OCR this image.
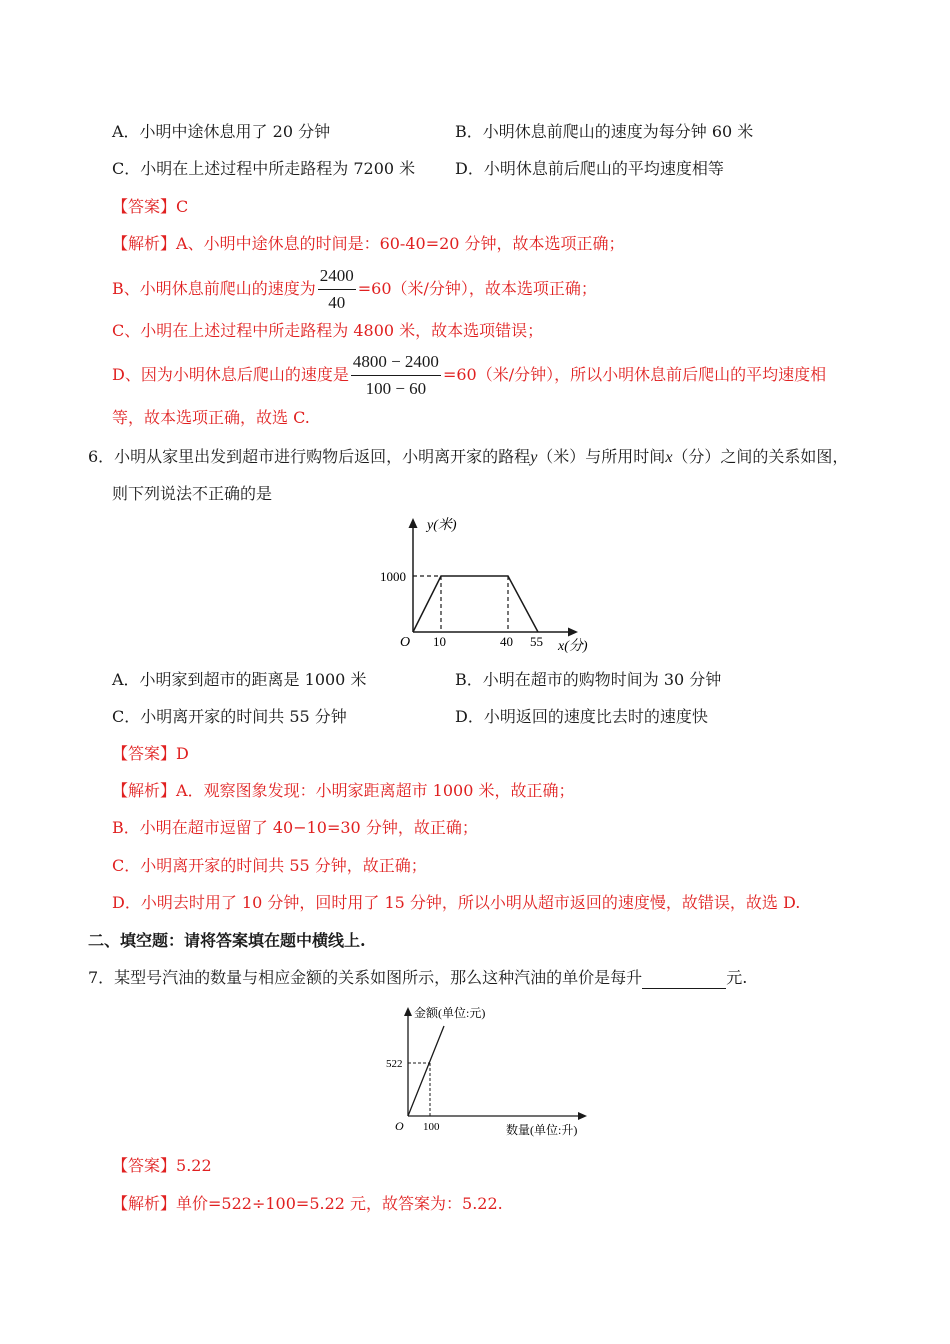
A．小明中途休息用了 20 分钟	B．小明休息前爬山的速度为每分钟 60 米
C．小明在上述过程中所走路程为 7200 米 D．小明休息前后爬山的平均速度相等
【答案】C
【解析】A、小明中途休息的时间是：60-40=20 分钟，故本选项正确；
B、小明休息前爬山的速度为 $\frac{2400}{40} =60$（米/分钟），故本选项正确；
C、小明在上述过程中所走路程为 4800 米，故本选项错误；
D、因为小明休息后爬山的速度是 $\frac{4800 - 2400}{100 - 60} =60$（米/分钟），所以小明休息前后爬山的平均速度相
等，故本选项正确，故选 C.
6．小明从家里出发到超市进行购物后返回，小明离开家的路程y（米）与所用时间x（分）之间的关系如图，
则下列说法不正确的是
y(米)
1000
O 10	40 55 x(分)
A．小明家到超市的距离是 1000 米	B．小明在超市的购物时间为 30 分钟
C．小明离开家的时间共 55 分钟	D．小明返回的速度比去时的速度快
【答案】D
【解析】A．观察图象发现：小明家距离超市 1000 米，故正确；
B．小明在超市逗留了 40−10=30 分钟，故正确；
C．小明离开家的时间共 55 分钟，故正确；
D．小明去时用了 10 分钟，回时用了 15 分钟，所以小明从超市返回的速度慢，故错误，故选 D.
二、填空题：请将答案填在题中横线上.
7．某型号汽油的数量与相应金额的关系如图所示，那么这种汽油的单价是每升	元.
金额(单位:元)
522
O 100	数量(单位:升)
【答案】5.22
【解析】单价=522÷100=5.22 元，故答案为：5.22.
